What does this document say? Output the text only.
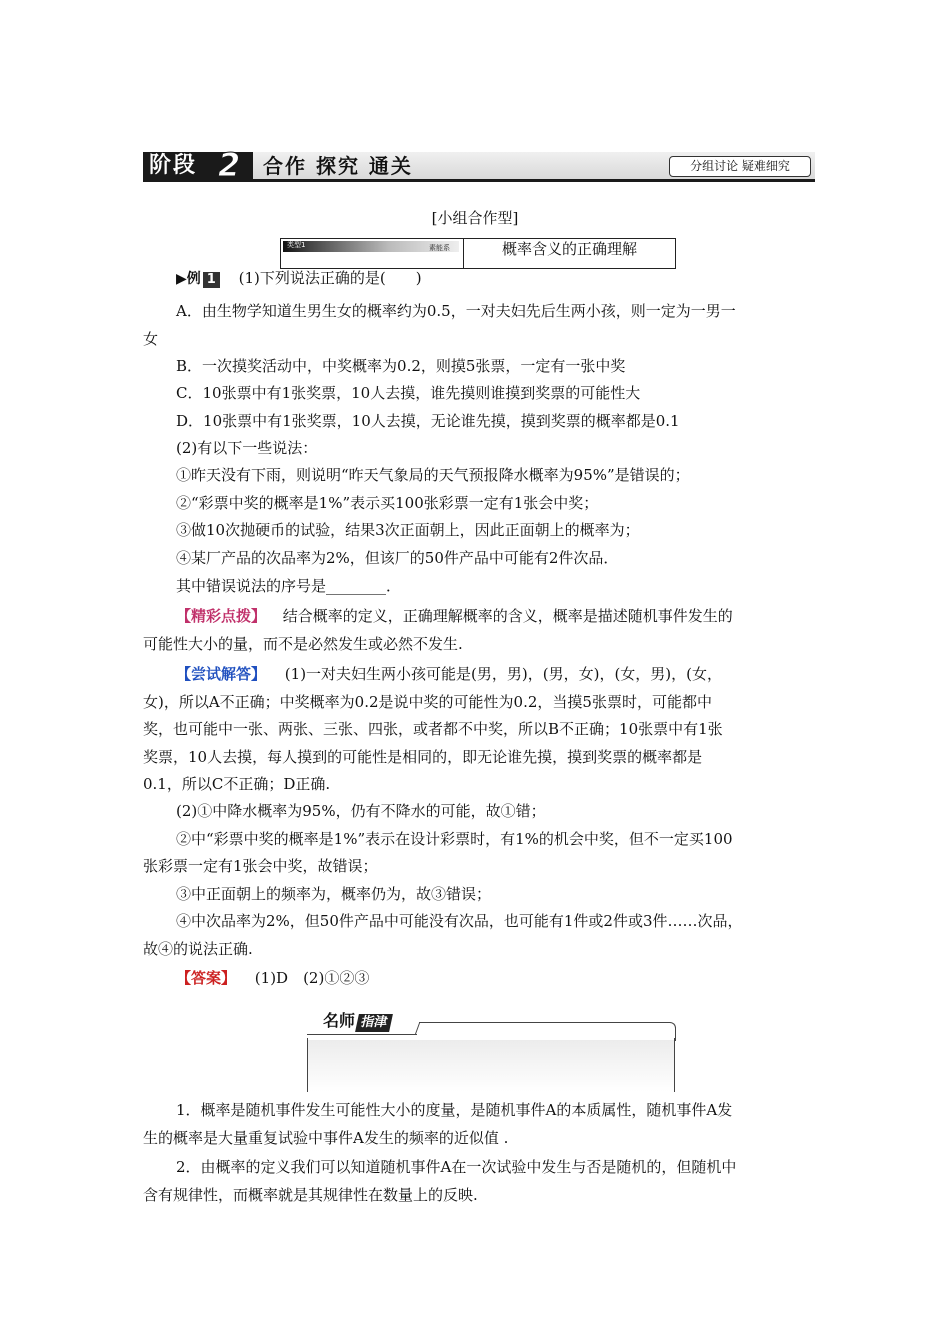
阶段 2 合作 探究 通关	分组讨论 疑难细究
[小组合作型]
类型1	素能系	概率含义的正确理解
▶例 1 (1)下列说法正确的是(　　)
A．由生物学知道生男生女的概率约为0.5，一对夫妇先后生两小孩，则一定为一男一
女
B．一次摸奖活动中，中奖概率为0.2，则摸5张票，一定有一张中奖
C．10张票中有1张奖票，10人去摸，谁先摸则谁摸到奖票的可能性大
D．10张票中有1张奖票，10人去摸，无论谁先摸，摸到奖票的概率都是0.1
(2)有以下一些说法：
①昨天没有下雨，则说明“昨天气象局的天气预报降水概率为95%”是错误的；
②“彩票中奖的概率是1%”表示买100张彩票一定有1张会中奖；
③做10次抛硬币的试验，结果3次正面朝上，因此正面朝上的概率为；
④某厂产品的次品率为2%，但该厂的50件产品中可能有2件次品．
其中错误说法的序号是________．
【精彩点拨】 结合概率的定义，正确理解概率的含义，概率是描述随机事件发生的
可能性大小的量，而不是必然发生或必然不发生.
【尝试解答】 (1)一对夫妇生两小孩可能是(男，男)，(男，女)，(女，男)，(女，
女)，所以A不正确；中奖概率为0.2是说中奖的可能性为0.2，当摸5张票时，可能都中
奖，也可能中一张、两张、三张、四张，或者都不中奖，所以B不正确；10张票中有1张
奖票，10人去摸，每人摸到的可能性是相同的，即无论谁先摸，摸到奖票的概率都是
0.1，所以C不正确；D正确.
(2)①中降水概率为95%，仍有不降水的可能，故①错；
②中“彩票中奖的概率是1%”表示在设计彩票时，有1%的机会中奖，但不一定买100
张彩票一定有1张会中奖，故错误；
③中正面朝上的频率为，概率仍为，故③错误；
④中次品率为2%，但50件产品中可能没有次品，也可能有1件或2件或3件……次品，
故④的说法正确.
【答案】 (1)D　(2)①②③
名师 指津
1．概率是随机事件发生可能性大小的度量，是随机事件A的本质属性，随机事件A发
生的概率是大量重复试验中事件A发生的频率的近似值 .
2．由概率的定义我们可以知道随机事件A在一次试验中发生与否是随机的，但随机中
含有规律性，而概率就是其规律性在数量上的反映.
